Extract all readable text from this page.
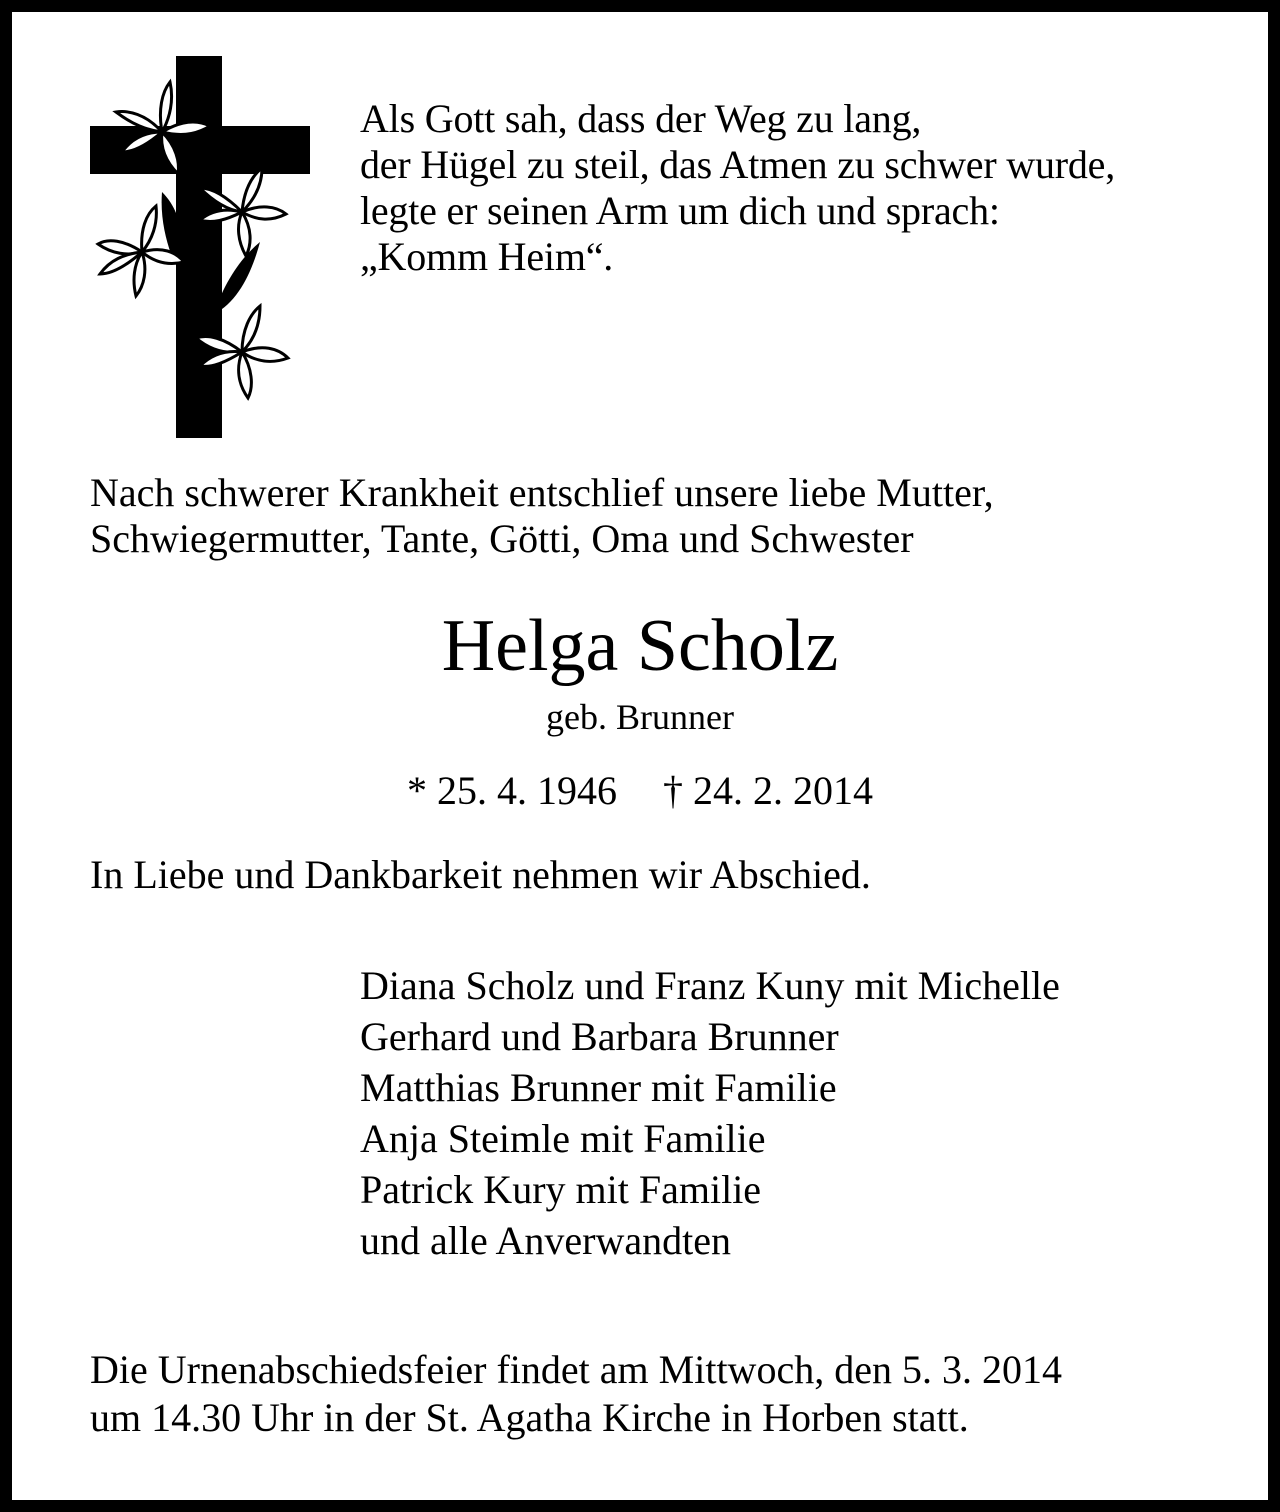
Als Gott sah, dass der Weg zu lang,
der Hügel zu steil, das Atmen zu schwer wurde,
legte er seinen Arm um dich und sprach:
„Komm Heim“.
Nach schwerer Krankheit entschlief unsere liebe Mutter,
Schwiegermutter, Tante, Götti, Oma und Schwester
Helga Scholz
geb. Brunner
* 25. 4. 1946 † 24. 2. 2014
In Liebe und Dankbarkeit nehmen wir Abschied.
Diana Scholz und Franz Kuny mit Michelle
Gerhard und Barbara Brunner
Matthias Brunner mit Familie
Anja Steimle mit Familie
Patrick Kury mit Familie
und alle Anverwandten
Die Urnenabschiedsfeier findet am Mittwoch, den 5. 3. 2014
um 14.30 Uhr in der St. Agatha Kirche in Horben statt.
